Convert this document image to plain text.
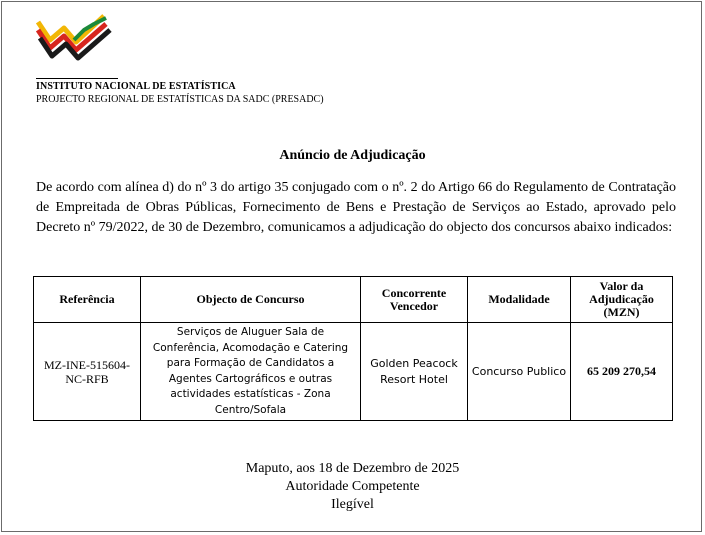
INSTITUTO NACIONAL DE ESTATÍSTICA
PROJECTO REGIONAL DE ESTATÍSTICAS DA SADC (PRESADC)
Anúncio de Adjudicação
De acordo com alínea d) do nº 3 do artigo 35 conjugado com o nº. 2 do Artigo 66 do Regulamento de Contratação de Empreitada de Obras Públicas, Fornecimento de Bens e Prestação de Serviços ao Estado, aprovado pelo Decreto nº 79/2022, de 30 de Dezembro, comunicamos a adjudicação do objecto dos concursos abaixo indicados:
Referência	Objecto de Concurso	Concorrente Vencedor	Modalidade	Valor da Adjudicação (MZN)
MZ-INE-515604-NC-RFB	Serviços de Aluguer Sala de Conferência, Acomodação e Catering para Formação de Candidatos a Agentes Cartográficos e outras actividades estatísticas - Zona Centro/Sofala	Golden Peacock Resort Hotel	Concurso Publico	65 209 270,54
Maputo, aos 18 de Dezembro de 2025
Autoridade Competente
Ilegível
